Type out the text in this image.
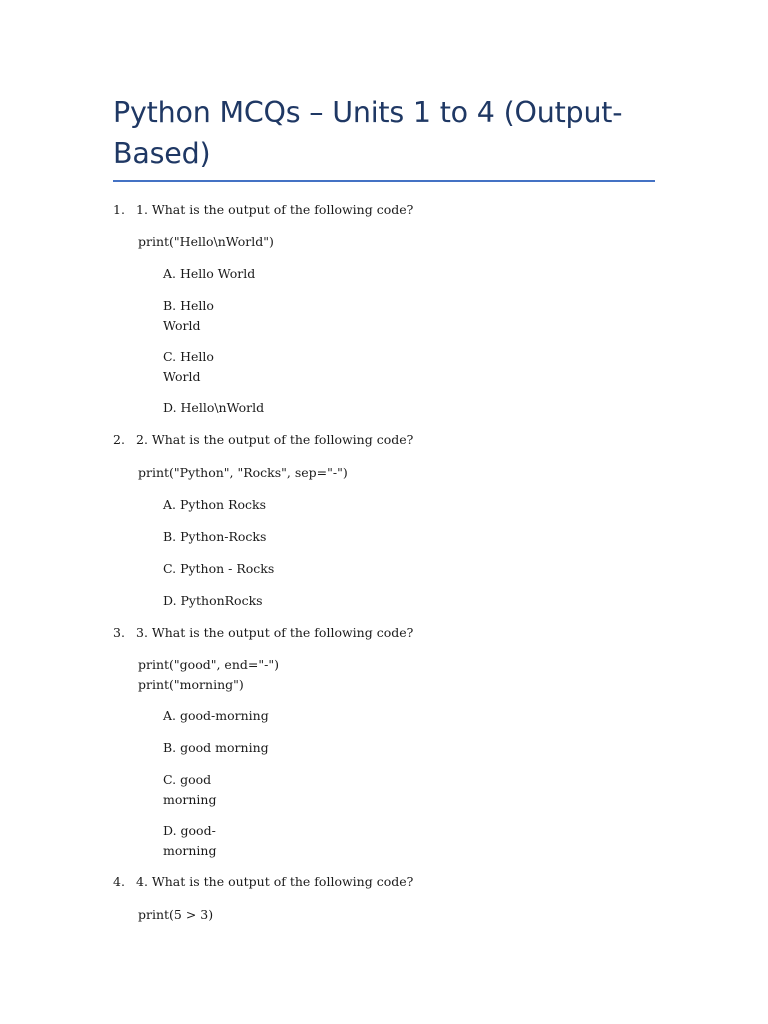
Python MCQs – Units 1 to 4 (Output-Based)
1. 1. What is the output of the following code?
print("Hello\nWorld")
A. Hello World
B. Hello
World
C. Hello
World
D. Hello\nWorld
2. 2. What is the output of the following code?
print("Python", "Rocks", sep="-")
A. Python Rocks
B. Python-Rocks
C. Python - Rocks
D. PythonRocks
3. 3. What is the output of the following code?
print("good", end="-")
print("morning")
A. good-morning
B. good morning
C. good
morning
D. good-
morning
4. 4. What is the output of the following code?
print(5 > 3)
